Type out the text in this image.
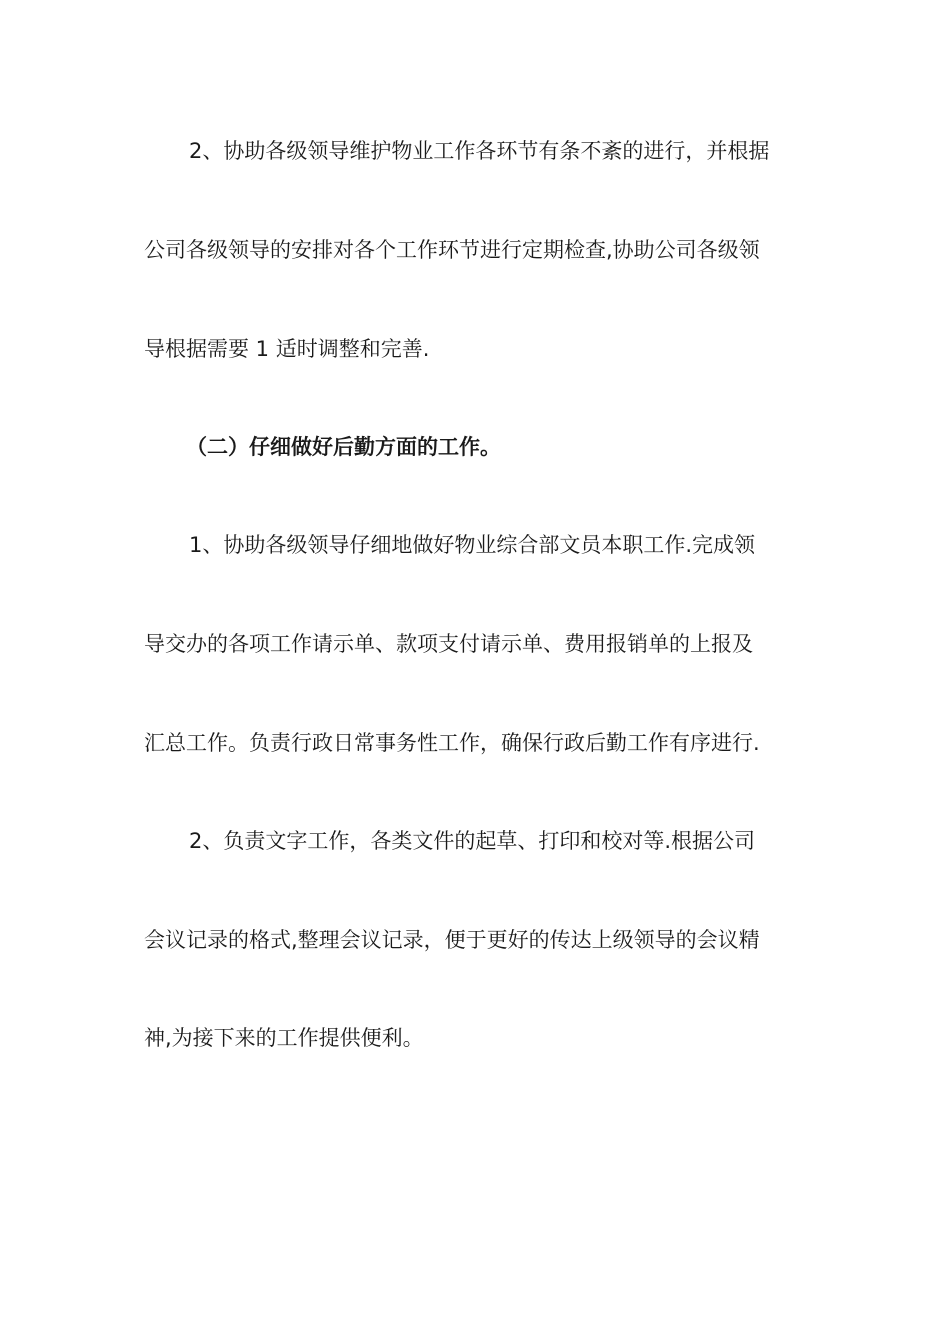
2、协助各级领导维护物业工作各环节有条不紊的进行，并根据
公司各级领导的安排对各个工作环节进行定期检查,协助公司各级领
导根据需要 1 适时调整和完善.
（二）仔细做好后勤方面的工作。
1、协助各级领导仔细地做好物业综合部文员本职工作.完成领
导交办的各项工作请示单、款项支付请示单、费用报销单的上报及
汇总工作。负责行政日常事务性工作，确保行政后勤工作有序进行.
2、负责文字工作，各类文件的起草、打印和校对等.根据公司
会议记录的格式,整理会议记录，便于更好的传达上级领导的会议精
神,为接下来的工作提供便利。
